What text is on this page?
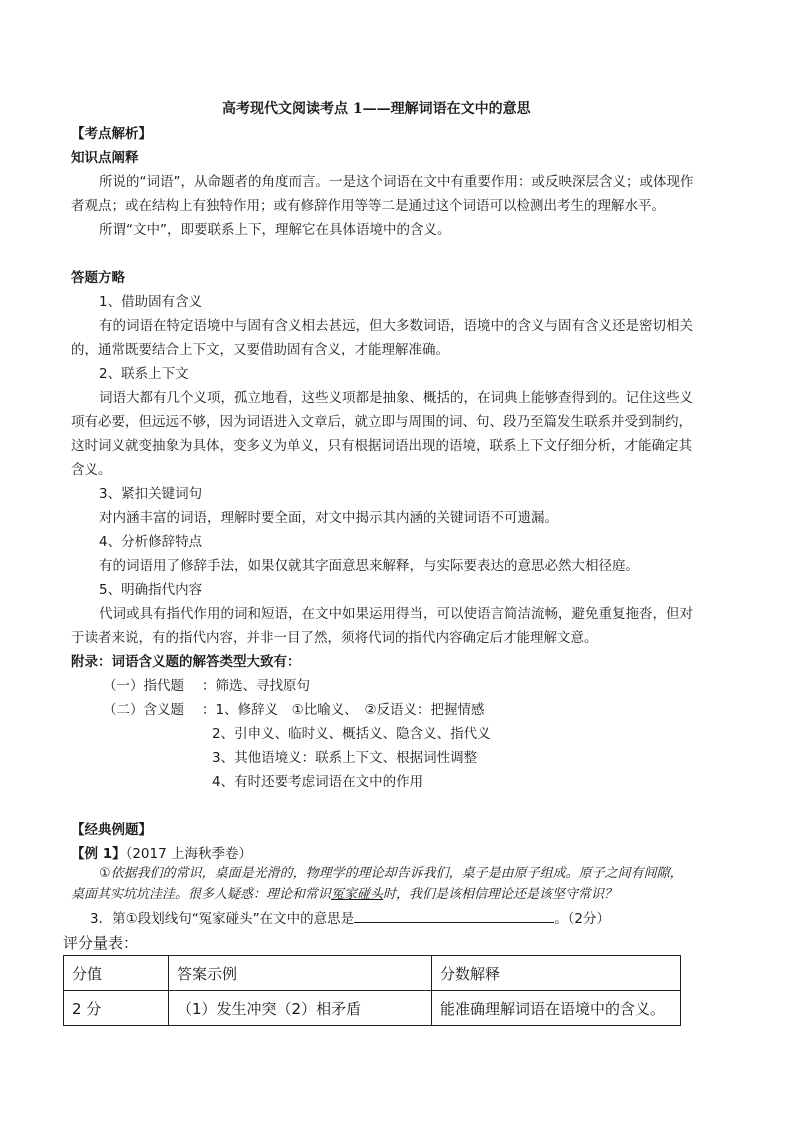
高考现代文阅读考点 1——理解词语在文中的意思
【考点解析】
知识点阐释
所说的“词语”，从命题者的角度而言。一是这个词语在文中有重要作用：或反映深层含义；或体现作
者观点；或在结构上有独特作用；或有修辞作用等等二是通过这个词语可以检测出考生的理解水平。
所谓“文中”，即要联系上下，理解它在具体语境中的含义。
答题方略
1、借助固有含义
有的词语在特定语境中与固有含义相去甚远，但大多数词语，语境中的含义与固有含义还是密切相关
的，通常既要结合上下文，又要借助固有含义，才能理解准确。
2、联系上下文
词语大都有几个义项，孤立地看，这些义项都是抽象、概括的，在词典上能够查得到的。记住这些义
项有必要，但远远不够，因为词语进入文章后，就立即与周围的词、句、段乃至篇发生联系并受到制约，
这时词义就变抽象为具体，变多义为单义，只有根据词语出现的语境，联系上下文仔细分析，才能确定其
含义。
3、紧扣关键词句
对内涵丰富的词语，理解时要全面，对文中揭示其内涵的关键词语不可遗漏。
4、分析修辞特点
有的词语用了修辞手法，如果仅就其字面意思来解释，与实际要表达的意思必然大相径庭。
5、明确指代内容
代词或具有指代作用的词和短语，在文中如果运用得当，可以使语言简洁流畅，避免重复拖沓，但对
于读者来说，有的指代内容，并非一目了然，须将代词的指代内容确定后才能理解文意。
附录：词语含义题的解答类型大致有：
（一）指代题 ：筛选、寻找原句
（二）含义题 ：1、修辞义　①比喻义、　②反语义：把握情感
2、引申义、临时义、概括义、隐含义、指代义
3、其他语境义：联系上下文、根据词性调整
4、有时还要考虑词语在文中的作用
【经典例题】
【例 1】（2017 上海秋季卷）
①依据我们的常识，桌面是光滑的，物理学的理论却告诉我们，桌子是由原子组成。原子之间有间隙，
桌面其实坑坑洼洼。很多人疑惑：理论和常识冤家碰头时，我们是该相信理论还是该坚守常识？
3．第①段划线句“冤家碰头”在文中的意思是	。（2分）
评分量表：
分值	答案示例	分数解释
2 分	（1）发生冲突（2）相矛盾	能准确理解词语在语境中的含义。
